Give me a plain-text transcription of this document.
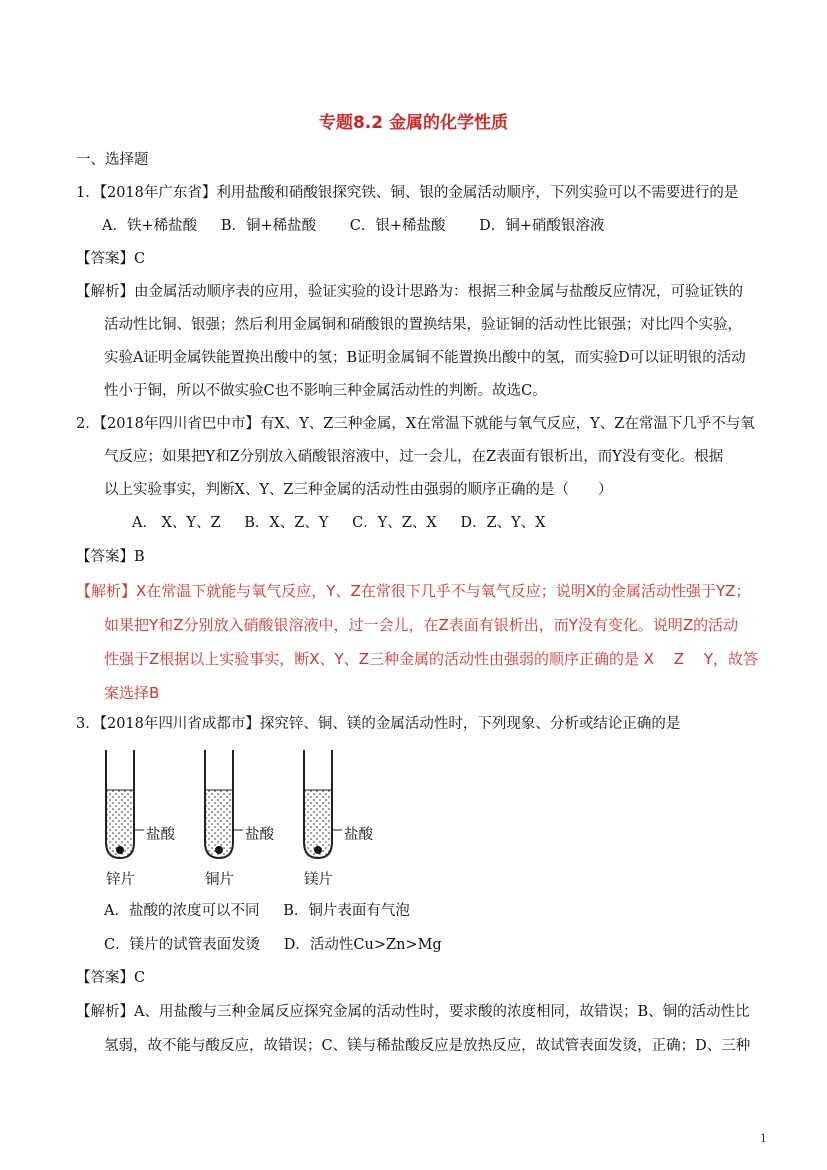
专题8.2 金属的化学性质
一、选择题
1．【2018年广东省】利用盐酸和硝酸银探究铁、铜、银的金属活动顺序，下列实验可以不需要进行的是
A．铁+稀盐酸 　 B．铜+稀盐酸 　　C．银+稀盐酸 　　D．铜+硝酸银溶液
【答案】C
【解析】由金属活动顺序表的应用，验证实验的设计思路为：根据三种金属与盐酸反应情况，可验证铁的
活动性比铜、银强；然后利用金属铜和硝酸银的置换结果，验证铜的活动性比银强；对比四个实验，
实验A证明金属铁能置换出酸中的氢；B证明金属铜不能置换出酸中的氢，而实验D可以证明银的活动
性小于铜，所以不做实验C也不影响三种金属活动性的判断。故选C。
2．【2018年四川省巴中市】有X、Y、Z三种金属，X在常温下就能与氧气反应，Y、Z在常温下几乎不与氧
气反应；如果把Y和Z分别放入硝酸银溶液中，过一会儿，在Z表面有银析出，而Y没有变化。根据
以上实验事实，判断X、Y、Z三种金属的活动性由强弱的顺序正确的是（　　）
A． X、Y、Z 　 B．X、Z、Y 　 C．Y、Z、X 　 D．Z、Y、X
【答案】B
【解析】X在常温下就能与氧气反应，Y、Z在常很下几乎不与氧气反应；说明X的金属活动性强于YZ；
如果把Y和Z分别放入硝酸银溶液中，过一会儿，在Z表面有银析出，而Y没有变化。说明Z的活动
性强于Z根据以上实验事实，断X、Y、Z三种金属的活动性由强弱的顺序正确的是 X 　Z　 Y，故答
案选择B
3．【2018年四川省成都市】探究锌、铜、镁的金属活动性时，下列现象、分析或结论正确的是
盐酸	盐酸	盐酸
锌片	铜片	镁片
A．盐酸的浓度可以不同 　 B．铜片表面有气泡
C．镁片的试管表面发烫 　 D．活动性Cu>Zn>Mg
【答案】C
【解析】A、用盐酸与三种金属反应探究金属的活动性时，要求酸的浓度相同，故错误；B、铜的活动性比
氢弱，故不能与酸反应，故错误；C、镁与稀盐酸反应是放热反应，故试管表面发烫，正确；D、三种
1
